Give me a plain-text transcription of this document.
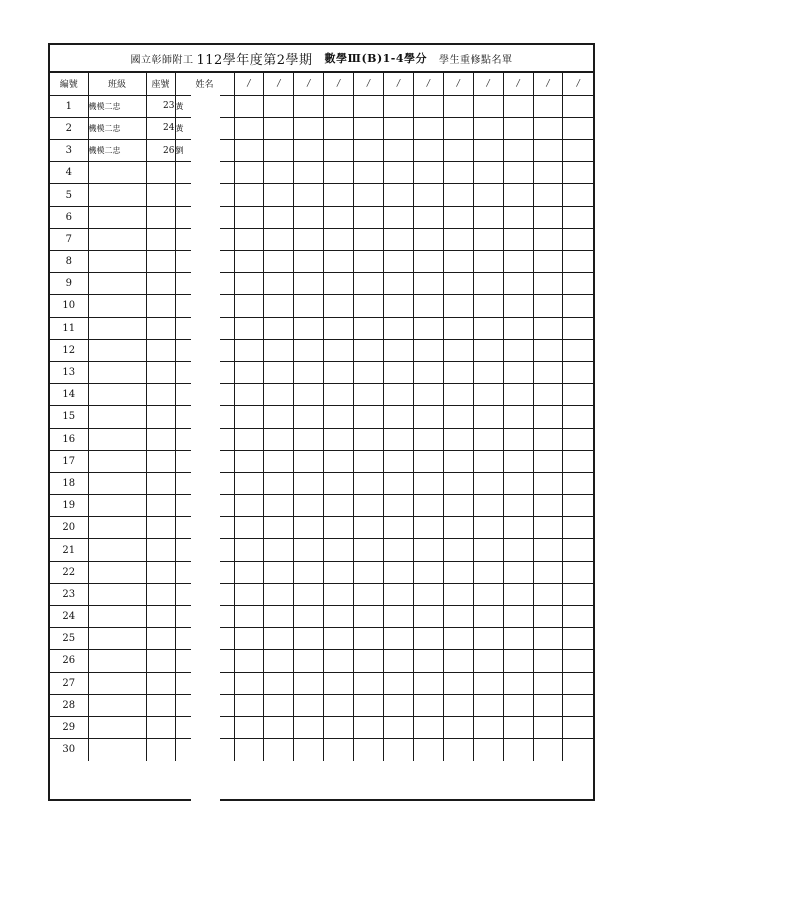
國立彰師附工 112學年度第2學期 數學Ⅲ(B)1-4學分 學生重修點名單
編號	班級	座號	姓名	/	/	/	/	/	/	/	/	/	/	/	/
1	機模二忠	23	黃												
2	機模二忠	24	黃												
3	機模二忠	26	劉												
4															
5															
6															
7															
8															
9															
10															
11															
12															
13															
14															
15															
16															
17															
18															
19															
20															
21															
22															
23															
24															
25															
26															
27															
28															
29															
30															
